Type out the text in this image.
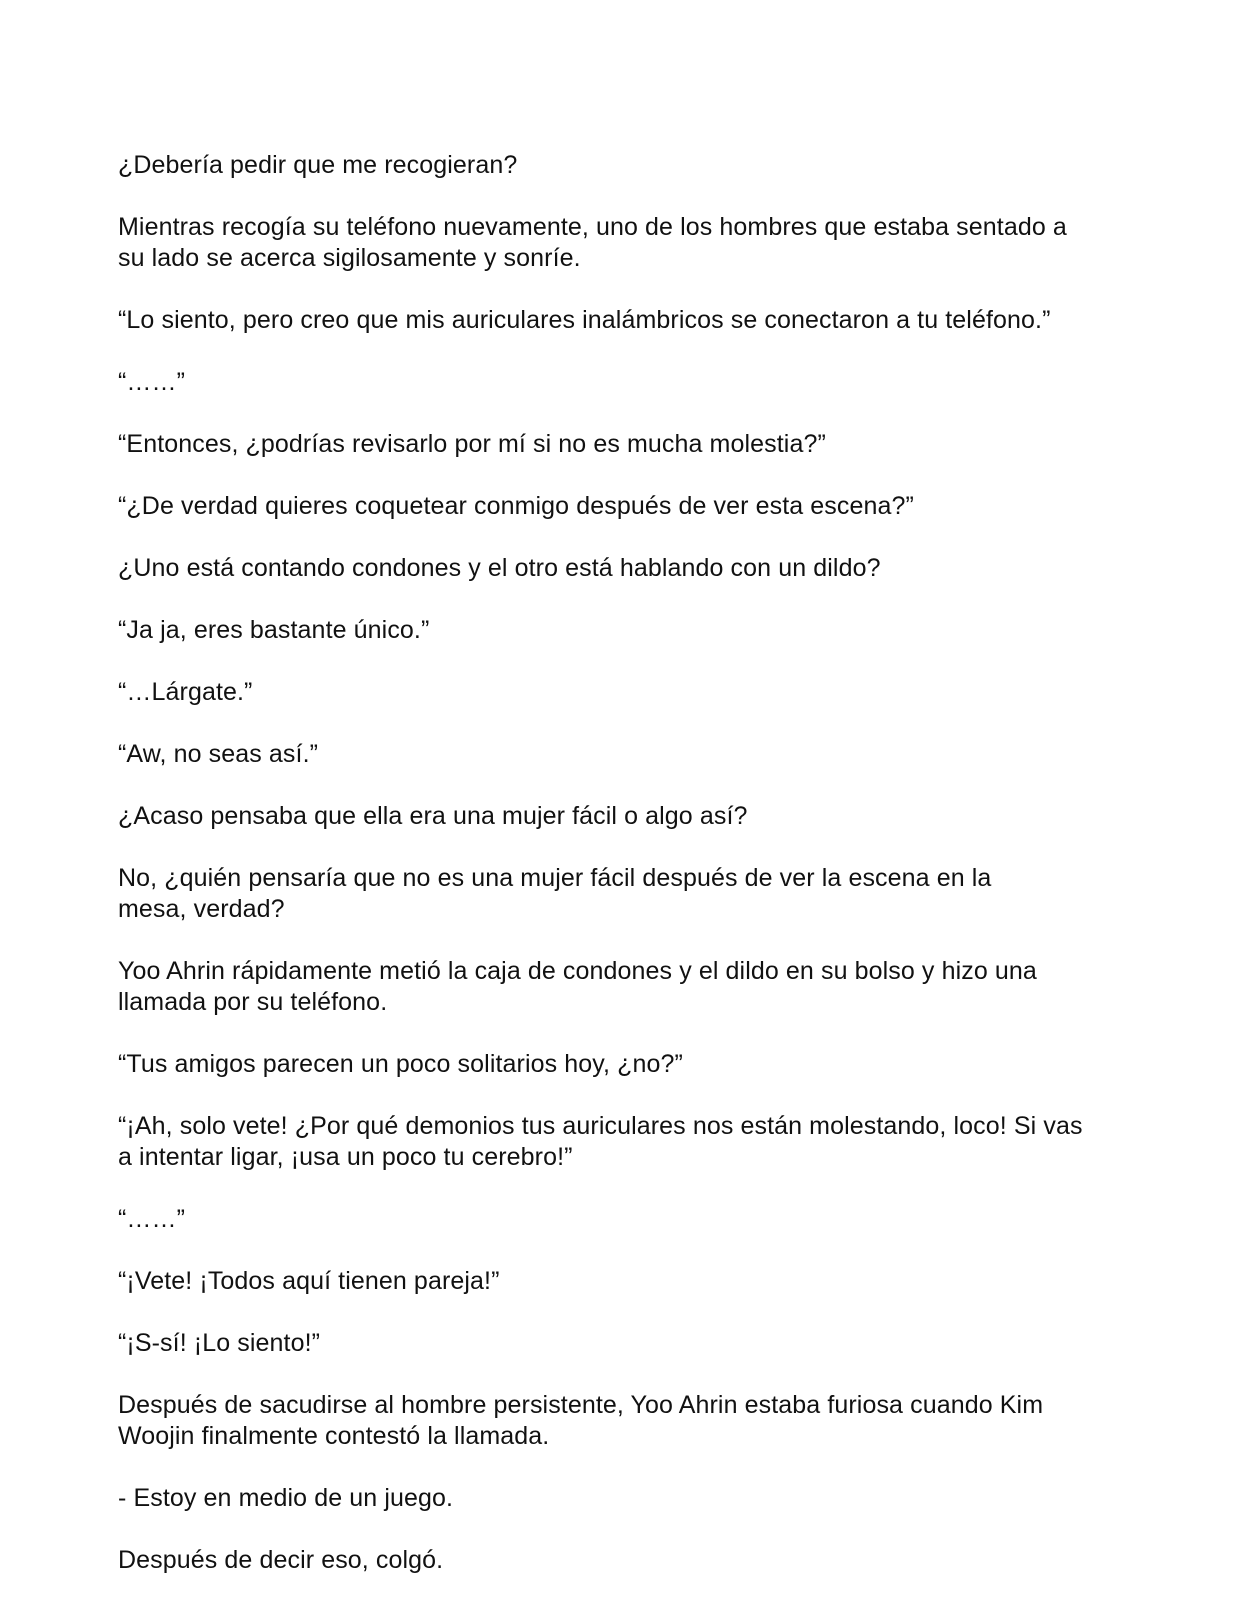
¿Debería pedir que me recogieran?

Mientras recogía su teléfono nuevamente, uno de los hombres que estaba sentado a su lado se acerca sigilosamente y sonríe.

“Lo siento, pero creo que mis auriculares inalámbricos se conectaron a tu teléfono.”

“……”

“Entonces, ¿podrías revisarlo por mí si no es mucha molestia?”

“¿De verdad quieres coquetear conmigo después de ver esta escena?”

¿Uno está contando condones y el otro está hablando con un dildo?

“Ja ja, eres bastante único.”

“…Lárgate.”

“Aw, no seas así.”

¿Acaso pensaba que ella era una mujer fácil o algo así?

No, ¿quién pensaría que no es una mujer fácil después de ver la escena en la mesa, verdad?

Yoo Ahrin rápidamente metió la caja de condones y el dildo en su bolso y hizo una llamada por su teléfono.

“Tus amigos parecen un poco solitarios hoy, ¿no?”

“¡Ah, solo vete! ¿Por qué demonios tus auriculares nos están molestando, loco! Si vas a intentar ligar, ¡usa un poco tu cerebro!”

“……”

“¡Vete! ¡Todos aquí tienen pareja!”

“¡S-sí! ¡Lo siento!”

Después de sacudirse al hombre persistente, Yoo Ahrin estaba furiosa cuando Kim Woojin finalmente contestó la llamada.

- Estoy en medio de un juego.

Después de decir eso, colgó.
